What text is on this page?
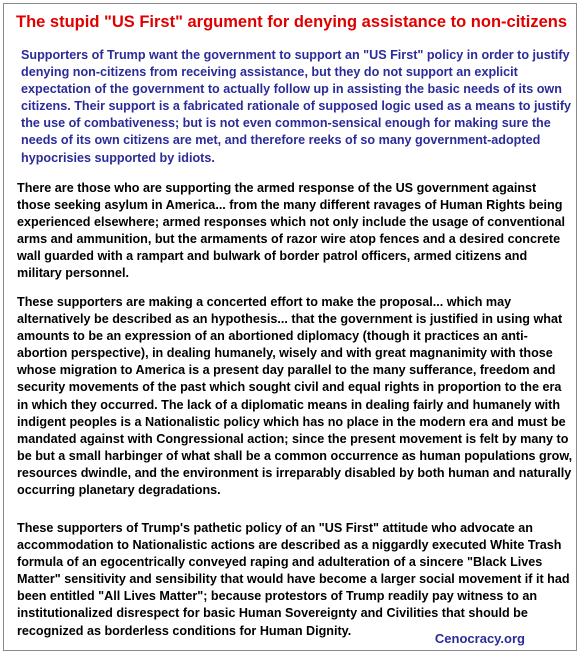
The stupid "US First" argument for denying assistance to non-citizens

Supporters of Trump want the government to support an "US First" policy in order to justify denying non-citizens from receiving assistance, but they do not support an explicit expectation of the government to actually follow up in assisting the basic needs of its own citizens. Their support is a fabricated rationale of supposed logic used as a means to justify the use of combativeness; but is not even common-sensical enough for making sure the needs of its own citizens are met, and therefore reeks of so many government-adopted hypocrisies supported by idiots.

There are those who are supporting the armed response of the US government against those seeking asylum in America... from the many different ravages of Human Rights being experienced elsewhere; armed responses which not only include the usage of conventional arms and ammunition, but the armaments of razor wire atop fences and a desired concrete wall guarded with a rampart and bulwark of border patrol officers, armed citizens and military personnel.

These supporters are making a concerted effort to make the proposal... which may alternatively be described as an hypothesis... that the government is justified in using what amounts to be an expression of an abortioned diplomacy (though it practices an anti-abortion perspective), in dealing humanely, wisely and with great magnanimity with those whose migration to America is a present day parallel to the many sufferance, freedom and security movements of the past which sought civil and equal rights in proportion to the era in which they occurred. The lack of a diplomatic means in dealing fairly and humanely with indigent peoples is a Nationalistic policy which has no place in the modern era and must be mandated against with Congressional action; since the present movement is felt by many to be but a small harbinger of what shall be a common occurrence as human populations grow, resources dwindle, and the environment is irreparably disabled by both human and naturally occurring planetary degradations.

These supporters of Trump's pathetic policy of an "US First" attitude who advocate an accommodation to Nationalistic actions are described as a niggardly executed White Trash formula of an egocentrically conveyed raping and adulteration of a sincere "Black Lives Matter" sensitivity and sensibility that would have become a larger social movement if it had been entitled "All Lives Matter"; because protestors of Trump readily pay witness to an institutionalized disrespect for basic Human Sovereignty and Civilities that should be recognized as borderless conditions for Human Dignity.

Cenocracy.org
